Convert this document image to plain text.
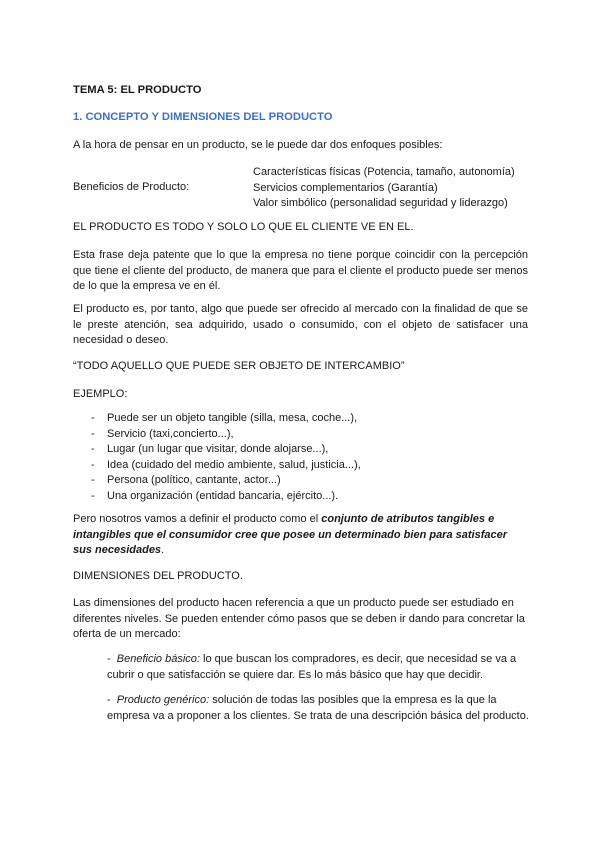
TEMA 5: EL PRODUCTO
1. CONCEPTO Y DIMENSIONES DEL PRODUCTO
A la hora de pensar en un producto, se le puede dar dos enfoques posibles:
Beneficios de Producto:
Características físicas (Potencia, tamaño, autonomía)
Servicios complementarios (Garantía)
Valor simbólico (personalidad seguridad y liderazgo)
EL PRODUCTO ES TODO Y SOLO LO QUE EL CLIENTE VE EN EL.
Esta frase deja patente que lo que la empresa no tiene porque coincidir con la percepción que tiene el cliente del producto, de manera que para el cliente el producto puede ser menos de lo que la empresa ve en él.
El producto es, por tanto, algo que puede ser ofrecido al mercado con la finalidad de que se le preste atención, sea adquirido, usado o consumido, con el objeto de satisfacer una necesidad o deseo.
“TODO AQUELLO QUE PUEDE SER OBJETO DE INTERCAMBIO”
EJEMPLO:
- Puede ser un objeto tangible (silla, mesa, coche...),
- Servicio (taxi,concierto...),
- Lugar (un lugar que visitar, donde alojarse...),
- Idea (cuidado del medio ambiente, salud, justicia...),
- Persona (político, cantante, actor...)
- Una organización (entidad bancaria, ejército...).
Pero nosotros vamos a definir el producto como el conjunto de atributos tangibles e intangibles que el consumidor cree que posee un determinado bien para satisfacer sus necesidades.
DIMENSIONES DEL PRODUCTO.
Las dimensiones del producto hacen referencia a que un producto puede ser estudiado en diferentes niveles. Se pueden entender cómo pasos que se deben ir dando para concretar la oferta de un mercado:
- Beneficio básico: lo que buscan los compradores, es decir, que necesidad se va a cubrir o que satisfacción se quiere dar. Es lo más básico que hay que decidir.
- Producto genérico: solución de todas las posibles que la empresa es la que la empresa va a proponer a los clientes. Se trata de una descripción básica del producto.
